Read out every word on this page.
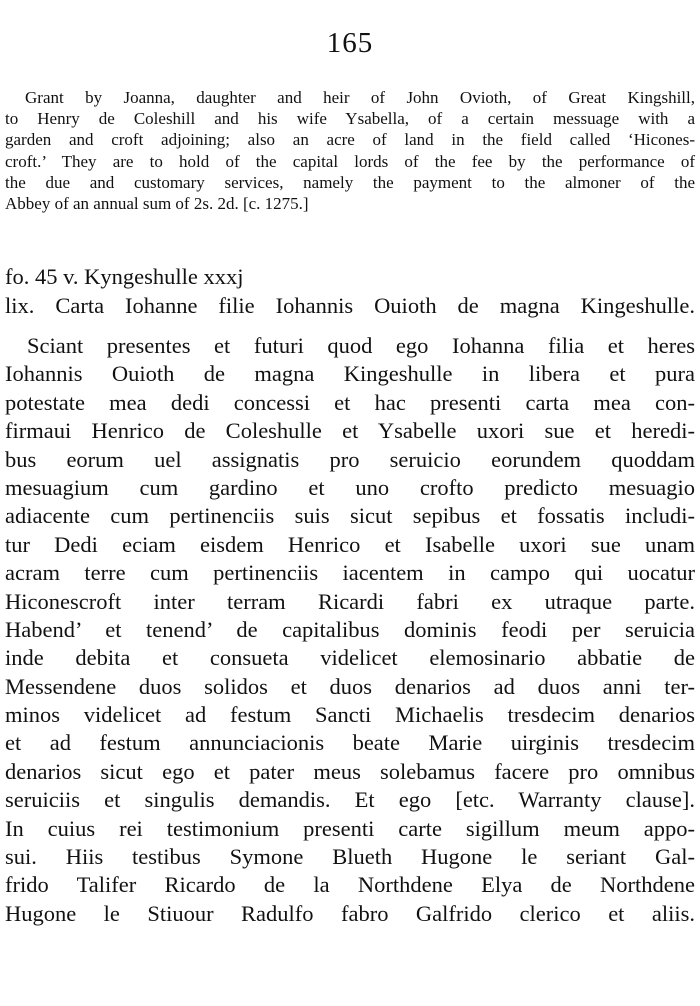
165
Grant by Joanna, daughter and heir of John Ovioth, of Great Kingshill,
to Henry de Coleshill and his wife Ysabella, of a certain messuage with a
garden and croft adjoining; also an acre of land in the field called ‘Hicones-
croft.’ They are to hold of the capital lords of the fee by the performance of
the due and customary services, namely the payment to the almoner of the
Abbey of an annual sum of 2s. 2d. [c. 1275.]
fo. 45 v. Kyngeshulle xxxj
lix. Carta Iohanne filie Iohannis Ouioth de magna Kingeshulle.
Sciant presentes et futuri quod ego Iohanna filia et heres
Iohannis Ouioth de magna Kingeshulle in libera et pura
potestate mea dedi concessi et hac presenti carta mea con-
firmaui Henrico de Coleshulle et Ysabelle uxori sue et heredi-
bus eorum uel assignatis pro seruicio eorundem quoddam
mesuagium cum gardino et uno crofto predicto mesuagio
adiacente cum pertinenciis suis sicut sepibus et fossatis includi-
tur Dedi eciam eisdem Henrico et Isabelle uxori sue unam
acram terre cum pertinenciis iacentem in campo qui uocatur
Hiconescroft inter terram Ricardi fabri ex utraque parte.
Habend’ et tenend’ de capitalibus dominis feodi per seruicia
inde debita et consueta videlicet elemosinario abbatie de
Messendene duos solidos et duos denarios ad duos anni ter-
minos videlicet ad festum Sancti Michaelis tresdecim denarios
et ad festum annunciacionis beate Marie uirginis tresdecim
denarios sicut ego et pater meus solebamus facere pro omnibus
seruiciis et singulis demandis. Et ego [etc. Warranty clause].
In cuius rei testimonium presenti carte sigillum meum appo-
sui. Hiis testibus Symone Blueth Hugone le seriant Gal-
frido Talifer Ricardo de la Northdene Elya de Northdene
Hugone le Stiuour Radulfo fabro Galfrido clerico et aliis.
